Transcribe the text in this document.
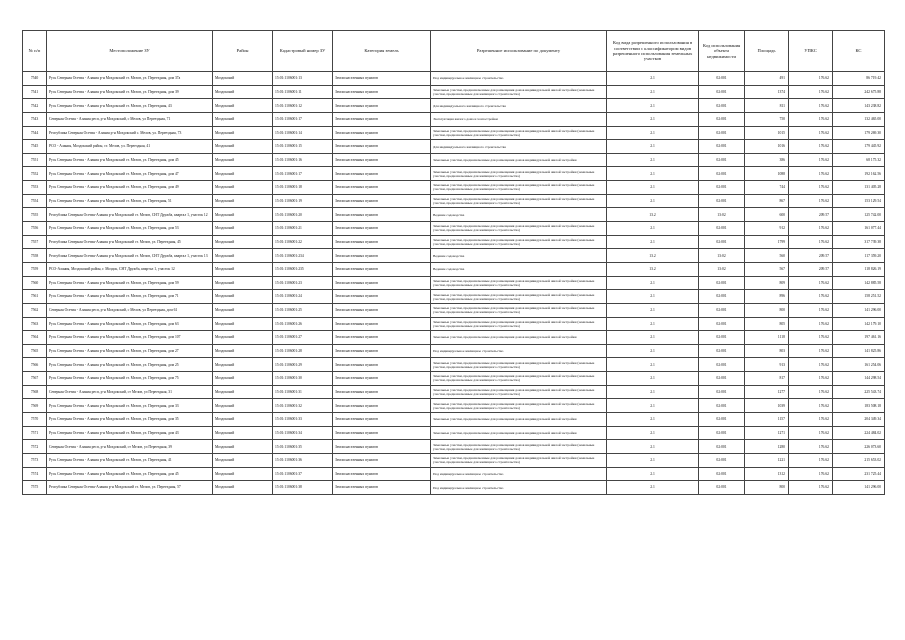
№ п/п	Местоположение ЗУ	Район	Кадастровый номер ЗУ	Категория земель	Разрешенное использование по документу	Код вида разрешенного использования в соответствии с классификатором видов разрешенного использования земельных участков	Код использования объекта недвижимости	Площадь	УПКС	КС
7540	Русь Северная Осетия - Алания р-н Моздокский ст. Мелов, ул. Переездная, дом 37а	Моздокский	15:01:1106001:13	Земли населенных пунктов	Под индивидуальное жилищное строительство	2.1	02:001	491	176.62	86 719.42
7541	Русь Северная Осетия - Алания р-н Моздокский ст. Мелов, ул. Переездная, дом 39	Моздокский	15:01:1106001:11	Земли населенных пунктов	Земельные участки, предназначенные для размещения домов индивидуальной жилой застройки (земельные участки, предназначенные для жилищного строительства)	2.1	02:001	1374	176.62	242 675.88
7542	Русь Северная Осетия - Алания р-н Моздокский ст. Мелов, ул. Переездная, 43	Моздокский	15:01:1106001:12	Земли населенных пунктов	Для индивидуального жилищного строительства	2.1	02:001	811	176.62	143 238.82
7543	Северная Осетия - Алания респ, р-н Моздокский, с Мелов, ул Переездная, 71	Моздокский	15:01:1106001:17	Земли населенных пунктов	Эксплуатация жилого дома и хозпостройки	2.1	02:001	750	176.62	132 465.00
7544	Республика Северная Осетия - Алания р-н Моздокский с. Мелов, ул. Переездная, 73	Моздокский	15:01:1106001:14	Земли населенных пунктов	Земельные участки, предназначенные для размещения домов индивидуальной жилой застройки (земельные участки, предназначенные для жилищного строительства)	2.1	02:001	1015	176.62	179 269.30
7545	РСО - Алания, Моздокский район, ст. Мелов, ул. Переездная, 41	Моздокский	15:01:1106001:15	Земли населенных пунктов	Для индивидуального жилищного строительства	2.1	02:001	1016	176.62	179 445.92
7551	Русь Северная Осетия - Алания р-н Моздокский ст. Мелов, ул. Переездная, дом 45	Моздокский	15:01:1106001:16	Земли населенных пунктов	Земельные участки, предназначенные для размещения домов индивидуальной жилой застройки	2.1	02:001	386	176.62	68 175.32
7552	Русь Северная Осетия - Алания р-н Моздокский ст. Мелов, ул. Переездная, дом 47	Моздокский	15:01:1106001:17	Земли населенных пунктов	Земельные участки, предназначенные для размещения домов индивидуальной жилой застройки (земельные участки, предназначенные для жилищного строительства)	2.1	02:001	1088	176.62	192 162.56
7553	Русь Северная Осетия - Алания р-н Моздокский ст. Мелов, ул. Переездная, дом 49	Моздокский	15:01:1106001:18	Земли населенных пунктов	Земельные участки, предназначенные для размещения домов индивидуальной жилой застройки (земельные участки, предназначенные для жилищного строительства)	2.1	02:001	744	176.62	131 405.28
7554	Русь Северная Осетия - Алания р-н Моздокский ст. Мелов, ул. Переездная, 51	Моздокский	15:01:1106001:19	Земли населенных пунктов	Земельные участки, предназначенные для размещения домов индивидуальной жилой застройки (земельные участки, предназначенные для жилищного строительства)	2.1	02:001	867	176.62	153 129.54
7555	Республика Северная Осетия-Алания р-н Моздокский ст. Мелов, СНТ Дружба, квартал 1, участок 12	Моздокский	15:01:1106001:20	Земли населенных пунктов	Ведение садоводства	13.2	13:02	600	209.57	125 742.00
7556	Русь Северная Осетия - Алания р-н Моздокский ст. Мелов, ул. Переездная, дом 53	Моздокский	15:01:1106001:21	Земли населенных пунктов	Земельные участки, предназначенные для размещения домов индивидуальной жилой застройки (земельные участки, предназначенные для жилищного строительства)	2.1	02:001	912	176.62	161 077.44
7557	Республика Северная Осетия-Алания р-н Моздокский ст. Мелов, ул. Переездная, 45	Моздокский	15:01:1106001:22	Земли населенных пунктов	Земельные участки, предназначенные для размещения домов индивидуальной жилой застройки (земельные участки, предназначенные для жилищного строительства)	2.1	02:001	1799	176.62	317 739.38
7558	Республика Северная Осетия-Алания р-н Моздокский ст. Мелов, СНТ Дружба, квартал 1, участок 13	Моздокский	15:01:1106001:234	Земли населенных пунктов	Ведение садоводства	13.2	13:02	560	209.57	117 359.20
7559	РСО-Алания, Моздокский район, г. Моздок, СНТ Дружба, квартал 1, участок 12	Моздокский	15:01:1106001:235	Земли населенных пунктов	Ведение садоводства	13.2	13:02	567	209.57	118 826.19
7560	Русь Северная Осетия - Алания р-н Моздокский ст. Мелов, ул. Переездная, дом 59	Моздокский	15:01:1106001:23	Земли населенных пунктов	Земельные участки, предназначенные для размещения домов индивидуальной жилой застройки (земельные участки, предназначенные для жилищного строительства)	2.1	02:001	809	176.62	142 885.58
7561	Русь Северная Осетия - Алания р-н Моздокский ст. Мелов, ул. Переездная, дом 71	Моздокский	15:01:1106001:24	Земли населенных пунктов	Земельные участки, предназначенные для размещения домов индивидуальной жилой застройки (земельные участки, предназначенные для жилищного строительства)	2.1	02:001	896	176.62	158 251.52
7562	Северная Осетия - Алания респ, р-н Моздокский, с Мелов, ул Переездная, дом 61	Моздокский	15:01:1106001:25	Земли населенных пунктов	Земельные участки, предназначенные для размещения домов индивидуальной жилой застройки (земельные участки, предназначенные для жилищного строительства)	2.1	02:001	800	176.62	141 296.00
7563	Русь Северная Осетия - Алания р-н Моздокский ст. Мелов, ул. Переездная, дом 63	Моздокский	15:01:1106001:26	Земли населенных пунктов	Земельные участки, предназначенные для размещения домов индивидуальной жилой застройки (земельные участки, предназначенные для жилищного строительства)	2.1	02:001	805	176.62	142 179.10
7564	Русь Северная Осетия - Алания р-н Моздокский ст. Мелов, ул. Переездная, дом 107	Моздокский	15:01:1106001:27	Земли населенных пунктов	Земельные участки, предназначенные для размещения домов индивидуальной жилой застройки	2.1	02:001	1118	176.62	197 461.16
7565	Русь Северная Осетия - Алания р-н Моздокский ст. Мелов, ул. Переездная, дом 27	Моздокский	15:01:1106001:28	Земли населенных пунктов	Под индивидуальное жилищное строительство	2.1	02:001	803	176.62	141 825.86
7566	Русь Северная Осетия - Алания р-н Моздокский ст. Мелов, ул. Переездная, дом 25	Моздокский	15:01:1106001:29	Земли населенных пунктов	Земельные участки, предназначенные для размещения домов индивидуальной жилой застройки (земельные участки, предназначенные для жилищного строительства)	2.1	02:001	913	176.62	161 254.06
7567	Русь Северная Осетия - Алания р-н Моздокский ст. Мелов, ул. Переездная, дом 75	Моздокский	15:01:1106001:30	Земли населенных пунктов	Земельные участки, предназначенные для размещения домов индивидуальной жилой застройки (земельные участки, предназначенные для жилищного строительства)	2.1	02:001	817	176.62	144 298.54
7568	Северная Осетия - Алания респ, р-н Моздокский, ст Мелов, ул Переездная, 31	Моздокский	15:01:1106001:31	Земли населенных пунктов	Земельные участки, предназначенные для размещения домов индивидуальной жилой застройки (земельные участки, предназначенные для жилищного строительства)	2.1	02:001	1277	176.62	225 543.74
7569	Русь Северная Осетия - Алания р-н Моздокский ст. Мелов, ул. Переездная, дом 33	Моздокский	15:01:1106001:32	Земли населенных пунктов	Земельные участки, предназначенные для размещения домов индивидуальной жилой застройки (земельные участки, предназначенные для жилищного строительства)	2.1	02:001	1039	176.62	183 508.18
7570	Русь Северная Осетия - Алания р-н Моздокский ст. Мелов, ул. Переездная, дом 35	Моздокский	15:01:1106001:33	Земли населенных пунктов	Земельные участки, предназначенные для размещения домов индивидуальной жилой застройки	2.1	02:001	1157	176.62	204 349.34
7571	Русь Северная Осетия - Алания р-н Моздокский ст. Мелов, ул. Переездная, дом 43	Моздокский	15:01:1106001:34	Земли населенных пунктов	Земельные участки, предназначенные для размещения домов индивидуальной жилой застройки	2.1	02:001	1271	176.62	224 484.02
7572	Северная Осетия - Алания респ, р-н Моздокский, ст Мелов, ул Переездная, 39	Моздокский	15:01:1106001:35	Земли населенных пунктов	Земельные участки, предназначенные для размещения домов индивидуальной жилой застройки (земельные участки, предназначенные для жилищного строительства)	2.1	02:001	1280	176.62	226 073.60
7573	Русь Северная Осетия - Алания р-н Моздокский ст. Мелов, ул. Переездная, 41	Моздокский	15:01:1106001:36	Земли населенных пунктов	Земельные участки, предназначенные для размещения домов индивидуальной жилой застройки (земельные участки, предназначенные для жилищного строительства)	2.1	02:001	1221	176.62	215 653.02
7574	Русь Северная Осетия - Алания р-н Моздокский ст. Мелов, ул. Переездная, дом 45	Моздокский	15:01:1106001:37	Земли населенных пунктов	Под индивидуальное жилищное строительство	2.1	02:001	1312	176.62	231 725.44
7575	Республика Северная Осетия-Алания р-н Моздокский ст. Мелов, ул. Переездная, 57	Моздокский	15:01:1106001:38	Земли населенных пунктов	Под индивидуальное жилищное строительство	2.1	02:001	800	176.62	141 296.00
